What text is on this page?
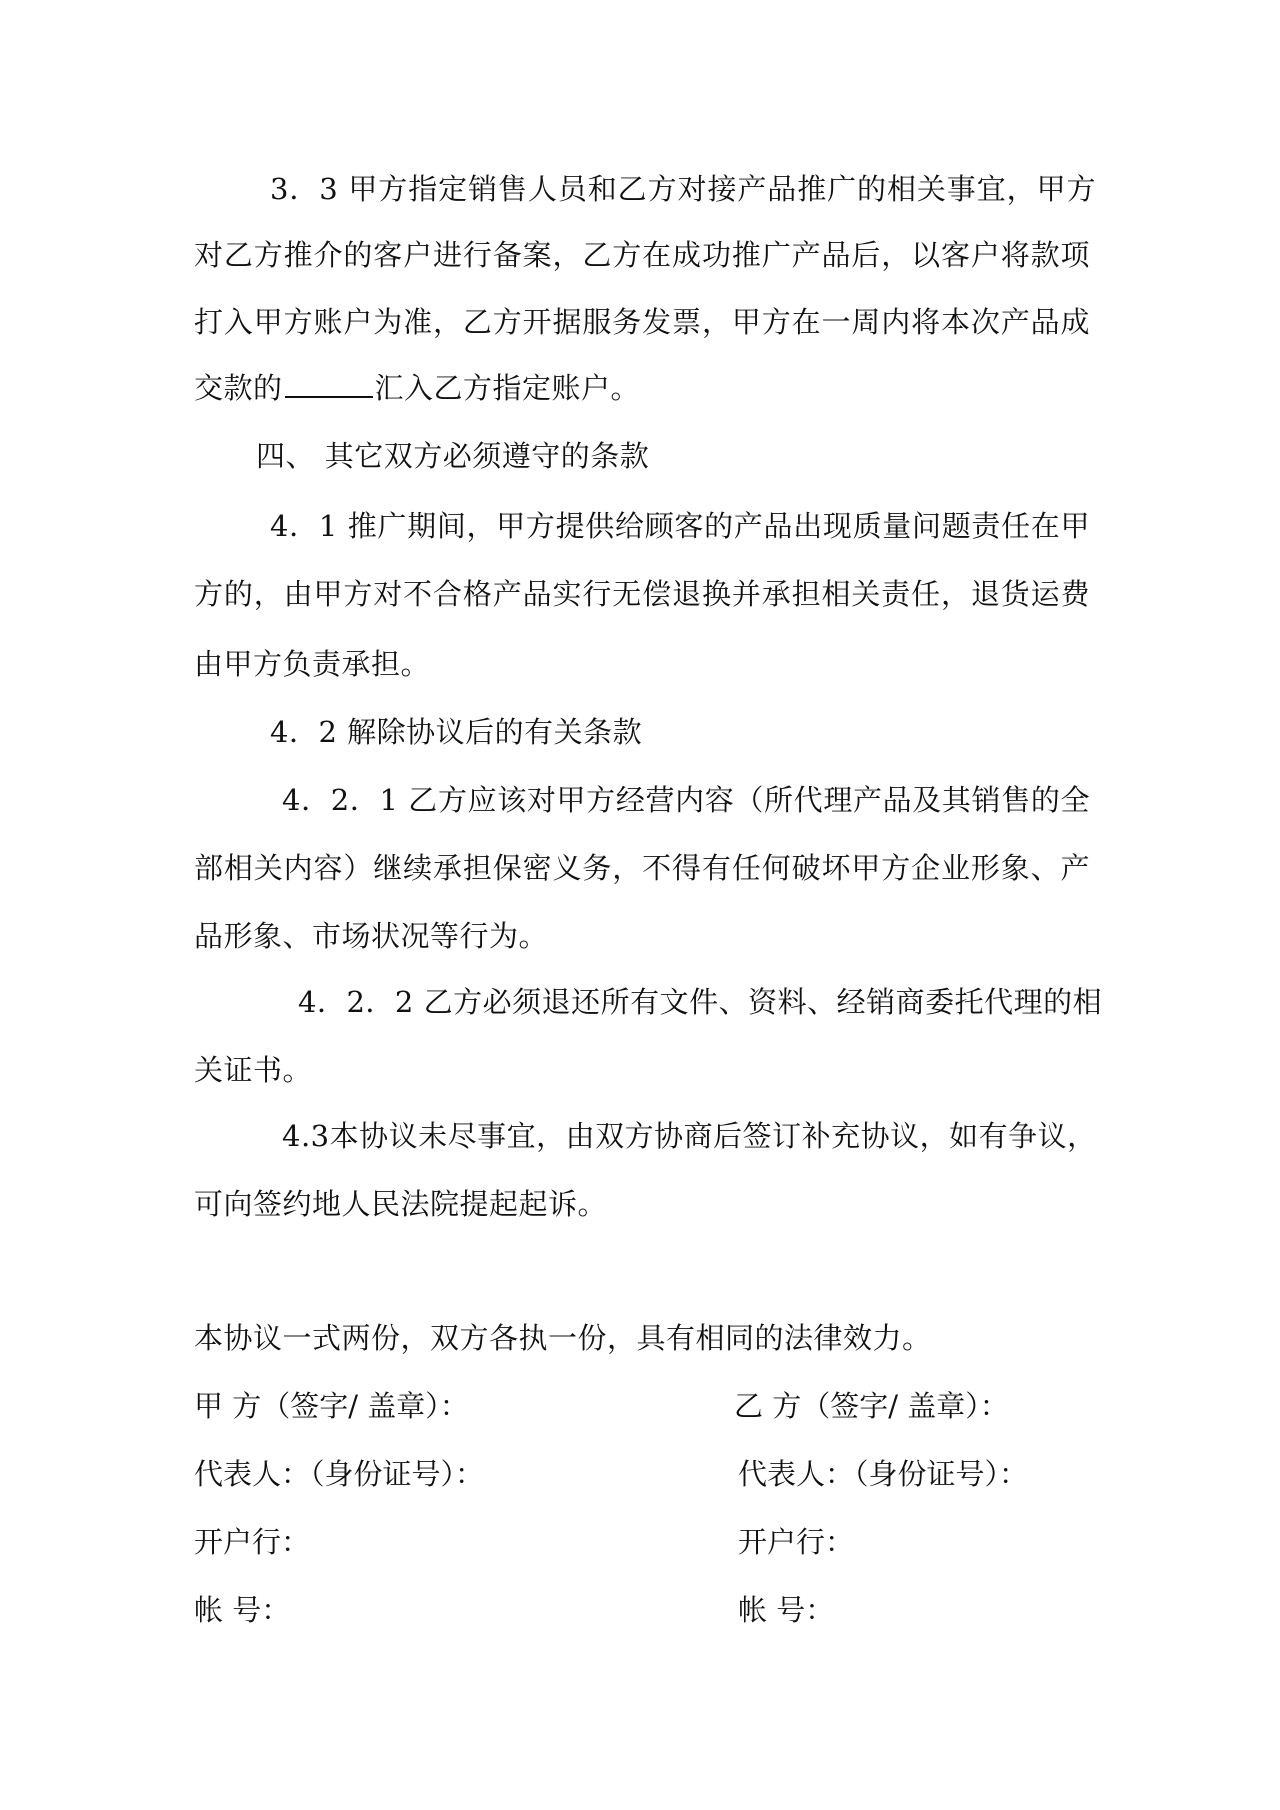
3．3 甲方指定销售人员和乙方对接产品推广的相关事宜，甲方
对乙方推介的客户进行备案，乙方在成功推广产品后，以客户将款项
打入甲方账户为准，乙方开据服务发票，甲方在一周内将本次产品成
交款的	汇入乙方指定账户。
四、 其它双方必须遵守的条款
4．1 推广期间，甲方提供给顾客的产品出现质量问题责任在甲
方的，由甲方对不合格产品实行无偿退换并承担相关责任，退货运费
由甲方负责承担。
4．2 解除协议后的有关条款
4．2．1 乙方应该对甲方经营内容（所代理产品及其销售的全
部相关内容）继续承担保密义务，不得有任何破坏甲方企业形象、产
品形象、市场状况等行为。
4．2．2 乙方必须退还所有文件、资料、经销商委托代理的相
关证书。
4.3本协议未尽事宜，由双方协商后签订补充协议，如有争议，
可向签约地人民法院提起起诉。
本协议一式两份，双方各执一份，具有相同的法律效力。
甲 方（签字/ 盖章）：
代表人：（身份证号）：
开户行：
帐 号：
乙 方（签字/ 盖章）：
代表人：（身份证号）：
开户行：
帐 号：
